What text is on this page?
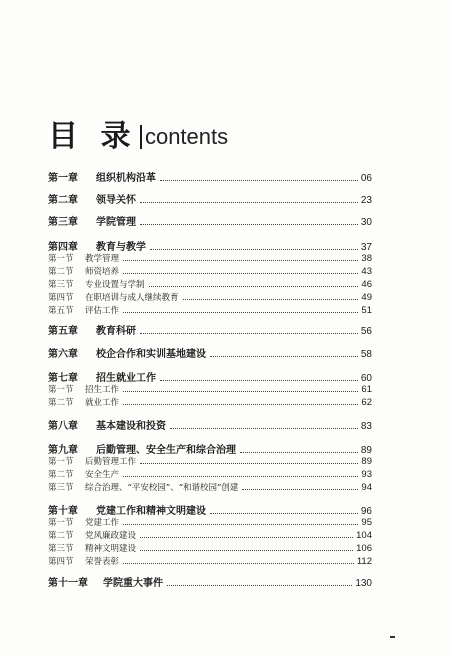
目 录 contents
第一章	组织机构沿革	06
第二章	领导关怀	23
第三章	学院管理	30
第四章	教育与教学	37
第一节	教学管理	38
第二节	师资培养	43
第三节	专业设置与学制	46
第四节	在职培训与成人继续教育	49
第五节	评估工作	51
第五章	教育科研	56
第六章	校企合作和实训基地建设	58
第七章	招生就业工作	60
第一节	招生工作	61
第二节	就业工作	62
第八章	基本建设和投资	83
第九章	后勤管理、安全生产和综合治理	89
第一节	后勤管理工作	89
第二节	安全生产	93
第三节	综合治理、“平安校园”、“和谐校园”创建	94
第十章	党建工作和精神文明建设	96
第一节	党建工作	95
第二节	党风廉政建设	104
第三节	精神文明建设	106
第四节	荣誉表彰	112
第十一章	学院重大事件	130
